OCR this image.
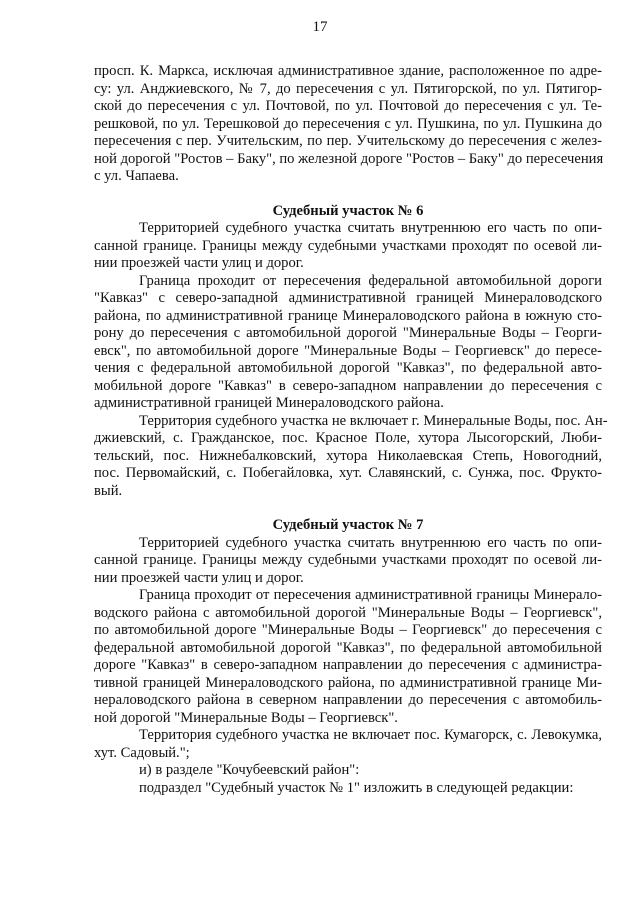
17
просп. К. Маркса, исключая административное здание, расположенное по адре-
су: ул. Анджиевского, № 7, до пересечения с ул. Пятигорской, по ул. Пятигор-
ской до пересечения с ул. Почтовой, по ул. Почтовой до пересечения с ул. Те-
решковой, по ул. Терешковой до пересечения с ул. Пушкина, по ул. Пушкина до
пересечения с пер. Учительским, по пер. Учительскому до пересечения с желез-
ной дорогой "Ростов – Баку", по железной дороге "Ростов – Баку" до пересечения
с ул. Чапаева.
Судебный участок № 6
Территорией судебного участка считать внутреннюю его часть по опи-
санной границе. Границы между судебными участками проходят по осевой ли-
нии проезжей части улиц и дорог.
Граница проходит от пересечения федеральной автомобильной дороги
"Кавказ" с северо-западной административной границей Минераловодского
района, по административной границе Минераловодского района в южную сто-
рону до пересечения с автомобильной дорогой "Минеральные Воды – Георги-
евск", по автомобильной дороге "Минеральные Воды – Георгиевск" до пересе-
чения с федеральной автомобильной дорогой "Кавказ", по федеральной авто-
мобильной дороге "Кавказ" в северо-западном направлении до пересечения с
административной границей Минераловодского района.
Территория судебного участка не включает г. Минеральные Воды, пос. Ан-
джиевский, с. Гражданское, пос. Красное Поле, хутора Лысогорский, Люби-
тельский, пос. Нижнебалковский, хутора Николаевская Степь, Новогодний,
пос. Первомайский, с. Побегайловка, хут. Славянский, с. Сунжа, пос. Фрукто-
вый.
Судебный участок № 7
Территорией судебного участка считать внутреннюю его часть по опи-
санной границе. Границы между судебными участками проходят по осевой ли-
нии проезжей части улиц и дорог.
Граница проходит от пересечения административной границы Минерало-
водского района с автомобильной дорогой "Минеральные Воды – Георгиевск",
по автомобильной дороге "Минеральные Воды – Георгиевск" до пересечения с
федеральной автомобильной дорогой "Кавказ", по федеральной автомобильной
дороге "Кавказ" в северо-западном направлении до пересечения с администра-
тивной границей Минераловодского района, по административной границе Ми-
нераловодского района в северном направлении до пересечения с автомобиль-
ной дорогой "Минеральные Воды – Георгиевск".
Территория судебного участка не включает пос. Кумагорск, с. Левокумка,
хут. Садовый.";
и) в разделе "Кочубеевский район":
подраздел "Судебный участок № 1" изложить в следующей редакции:
